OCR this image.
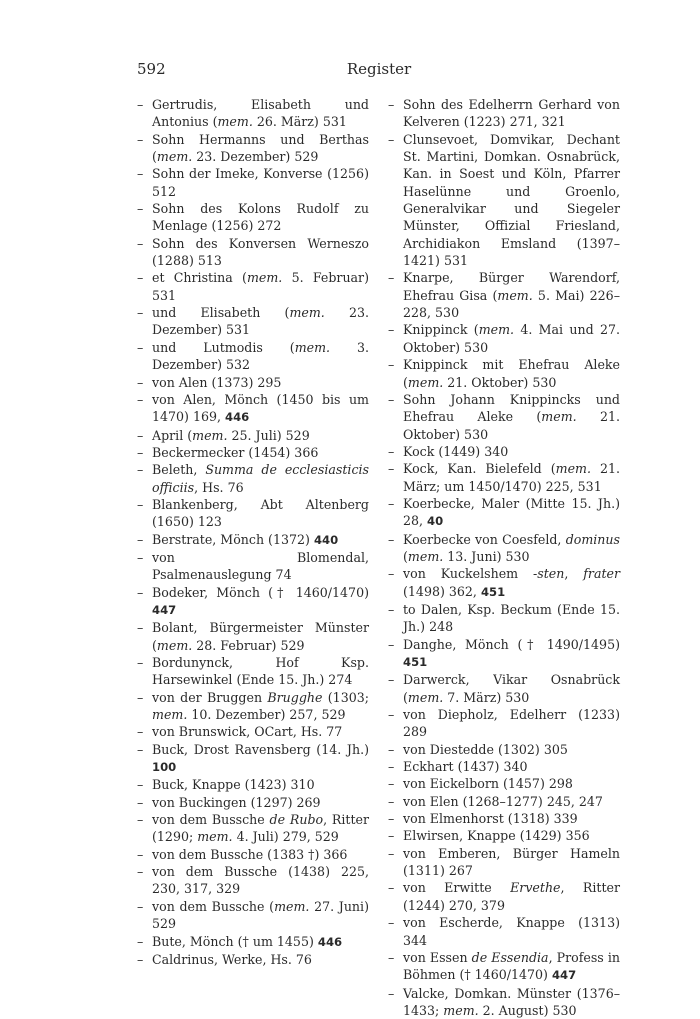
592	Register
– Gertrudis, Elisabeth und Antonius (mem. 26. März) 531
– Sohn Hermanns und Berthas (mem. 23. Dezember) 529
– Sohn der Imeke, Konverse (1256) 512
– Sohn des Kolons Rudolf zu Menlage (1256) 272
– Sohn des Konversen Werneszo (1288) 513
– et Christina (mem. 5. Februar) 531
– und Elisabeth (mem. 23. Dezember) 531
– und Lutmodis (mem. 3. Dezember) 532
– von Alen (1373) 295
– von Alen, Mönch (1450 bis um 1470) 169, 446
– April (mem. 25. Juli) 529
– Beckermecker (1454) 366
– Beleth, Summa de ecclesiasticis officiis, Hs. 76
– Blankenberg, Abt Altenberg (1650) 123
– Berstrate, Mönch (1372) 440
– von Blomendal, Psalmenauslegung 74
– Bodeker, Mönch († 1460/1470) 447
– Bolant, Bürgermeister Münster (mem. 28. Februar) 529
– Bordunynck, Hof Ksp. Harsewinkel (Ende 15. Jh.) 274
– von der Bruggen Brugghe (1303; mem. 10. Dezember) 257, 529
– von Brunswick, OCart, Hs. 77
– Buck, Drost Ravensberg (14. Jh.) 100
– Buck, Knappe (1423) 310
– von Buckingen (1297) 269
– von dem Bussche de Rubo, Ritter (1290; mem. 4. Juli) 279, 529
– von dem Bussche (1383 †) 366
– von dem Bussche (1438) 225, 230, 317, 329
– von dem Bussche (mem. 27. Juni) 529
– Bute, Mönch († um 1455) 446
– Caldrinus, Werke, Hs. 76
– Sohn des Edelherrn Gerhard von Kelveren (1223) 271, 321
– Clunsevoet, Domvikar, Dechant St. Martini, Domkan. Osnabrück, Kan. in Soest und Köln, Pfarrer Haselünne und Groenlo, Generalvikar und Siegeler Münster, Offizial Friesland, Archidiakon Emsland (1397–1421) 531
– Knarpe, Bürger Warendorf, Ehefrau Gisa (mem. 5. Mai) 226–228, 530
– Knippinck (mem. 4. Mai und 27. Oktober) 530
– Knippinck mit Ehefrau Aleke (mem. 21. Oktober) 530
– Sohn Johann Knippincks und Ehefrau Aleke (mem. 21. Oktober) 530
– Kock (1449) 340
– Kock, Kan. Bielefeld (mem. 21. März; um 1450/1470) 225, 531
– Koerbecke, Maler (Mitte 15. Jh.) 28, 40
– Koerbecke von Coesfeld, dominus (mem. 13. Juni) 530
– von Kuckelshem -sten, frater (1498) 362, 451
– to Dalen, Ksp. Beckum (Ende 15. Jh.) 248
– Danghe, Mönch († 1490/1495) 451
– Darwerck, Vikar Osnabrück (mem. 7. März) 530
– von Diepholz, Edelherr (1233) 289
– von Diestedde (1302) 305
– Eckhart (1437) 340
– von Eickelborn (1457) 298
– von Elen (1268–1277) 245, 247
– von Elmenhorst (1318) 339
– Elwirsen, Knappe (1429) 356
– von Emberen, Bürger Hameln (1311) 267
– von Erwitte Ervethe, Ritter (1244) 270, 379
– von Escherde, Knappe (1313) 344
– von Essen de Essendia, Profess in Böhmen († 1460/1470) 447
– Valcke, Domkan. Münster (1376–1433; mem. 2. August) 530
